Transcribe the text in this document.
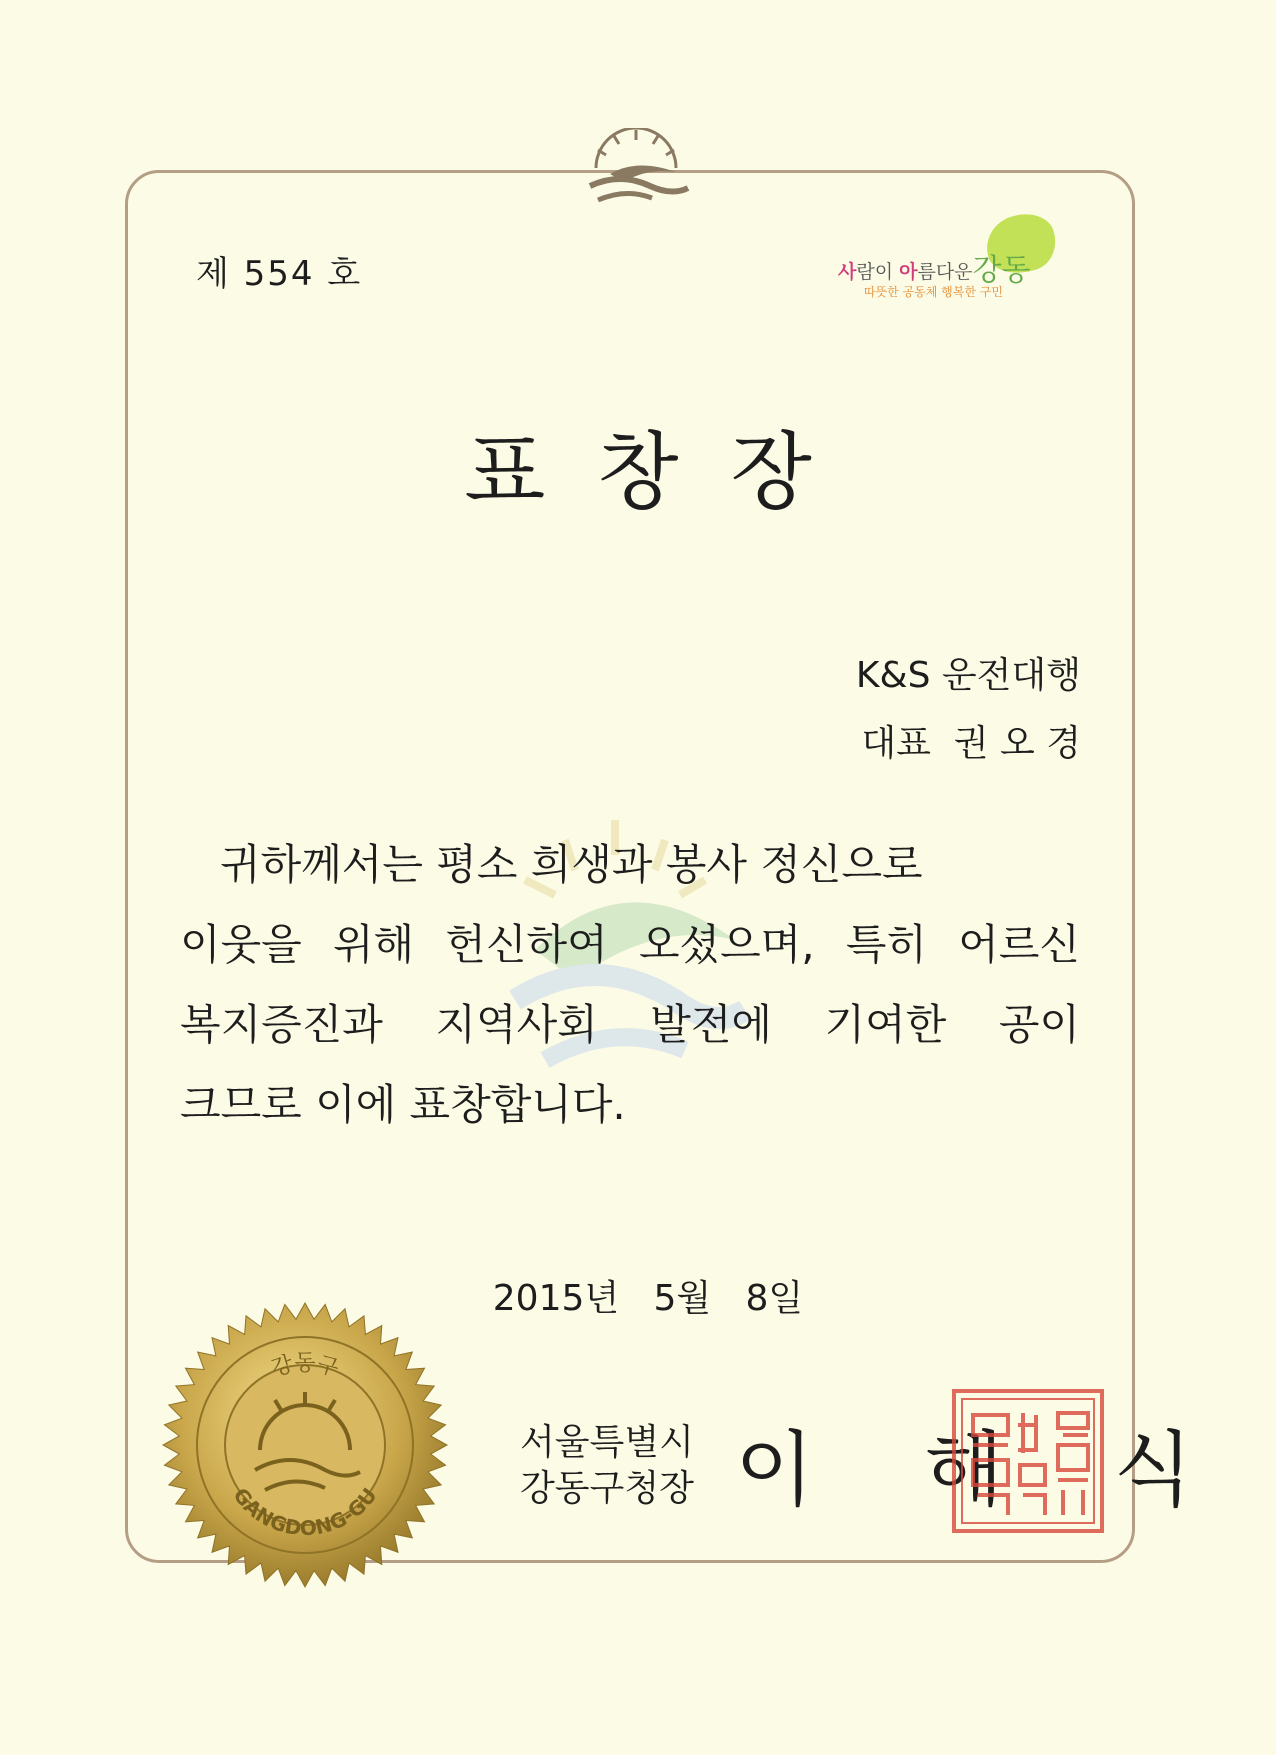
제 554 호	사람이 아름다운강동
따뜻한 공동체 행복한 구민
표창장
K&S 운전대행
대표  권 오 경
귀하께서는 평소 희생과 봉사 정신으로
이웃을 위해 헌신하여 오셨으며, 특히 어르신
복지증진과 지역사회 발전에 기여한 공이
크므로 이에 표창합니다.
2015년   5월   8일
강동구
GANGDONG-GU
서울특별시
강동구청장 이 해 식
